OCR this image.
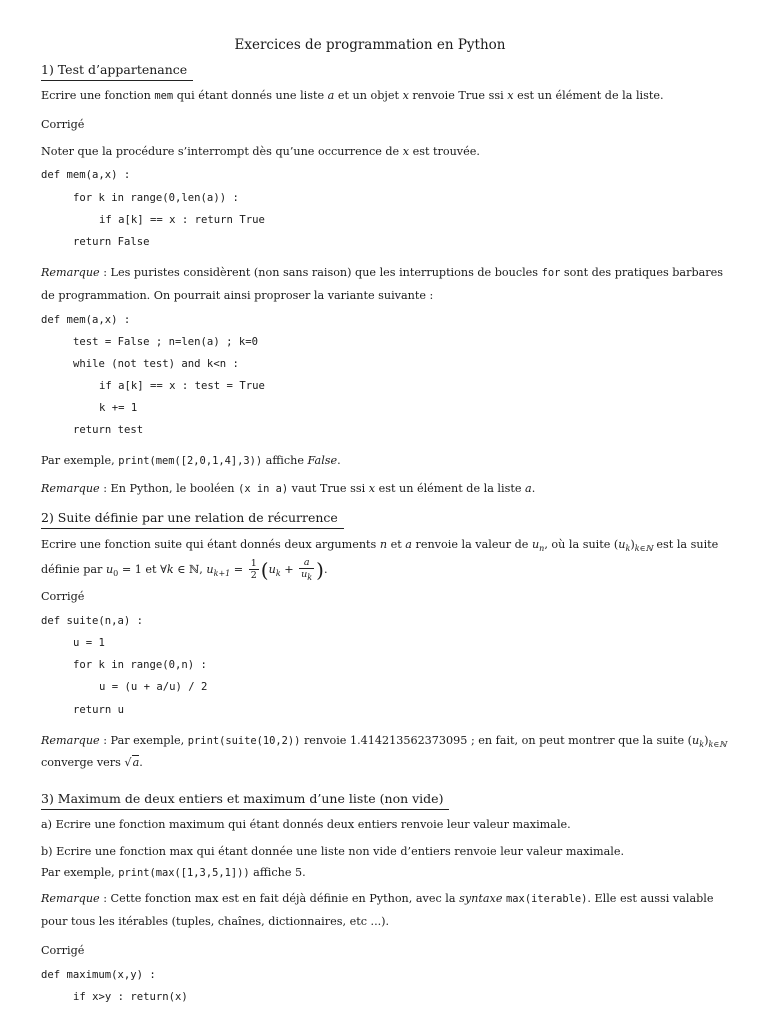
Exercices de programmation en Python
1) Test d’appartenance
Ecrire une fonction mem qui étant donnés une liste a et un objet x renvoie True ssi x est un élément de la liste.
Corrigé
Noter que la procédure s’interrompt dès qu’une occurrence de x est trouvée.
def mem(a,x) :
for k in range(0,len(a)) :
if a[k] == x : return True
return False
Remarque : Les puristes considèrent (non sans raison) que les interruptions de boucles for sont des pratiques barbares
de programmation. On pourrait ainsi proproser la variante suivante :
def mem(a,x) :
test = False ; n=len(a) ; k=0
while (not test) and k<n :
if a[k] == x : test = True
k += 1
return test
Par exemple, print(mem([2,0,1,4],3)) affiche False.
Remarque : En Python, le booléen (x in a) vaut True ssi x est un élément de la liste a.
2) Suite définie par une relation de récurrence
Ecrire une fonction suite qui étant donnés deux arguments n et a renvoie la valeur de $u_n$, où la suite $(u_k)_{k\in ℕ}$ est la suite
définie par $u_0 = 1$ et ∀k ∈ ℕ, $u_{k+1} = \frac{1}{2} (u_k + \frac{a}{u_k}$ ).
Corrigé
def suite(n,a) :
u = 1
for k in range(0,n) :
u = (u + a/u) / 2
return u
Remarque : Par exemple, print(suite(10,2)) renvoie 1.414213562373095 ; en fait, on peut montrer que la suite $(u_k)_{k\in ℕ}$
converge vers √a.
3) Maximum de deux entiers et maximum d’une liste (non vide)
a) Ecrire une fonction maximum qui étant donnés deux entiers renvoie leur valeur maximale.
b) Ecrire une fonction max qui étant donnée une liste non vide d’entiers renvoie leur valeur maximale.
Par exemple, print(max([1,3,5,1])) affiche 5.
Remarque : Cette fonction max est en fait déjà définie en Python, avec la syntaxe max(iterable). Elle est aussi valable
pour tous les itérables (tuples, chaînes, dictionnaires, etc ...).
Corrigé
def maximum(x,y) :
if x>y : return(x)
